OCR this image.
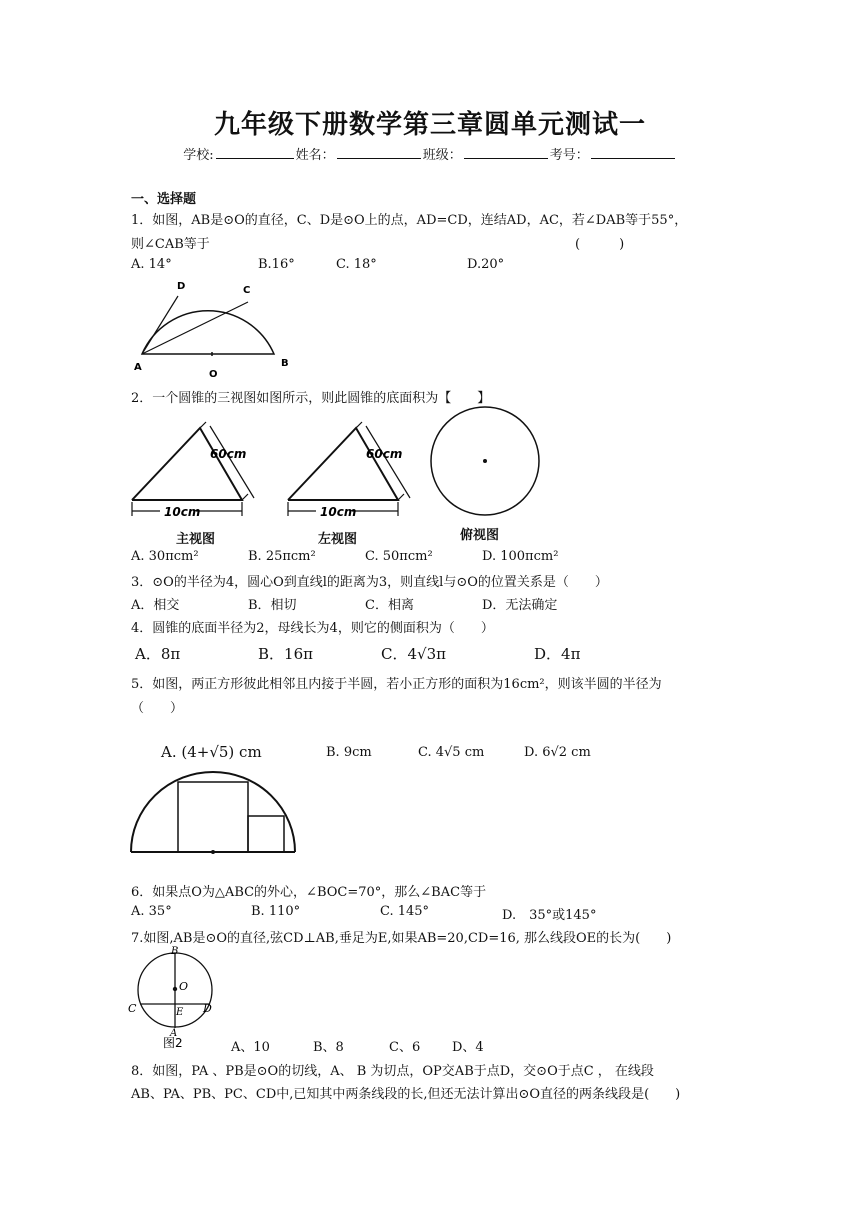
九年级下册数学第三章圆单元测试一
学校:	姓名：	班级：	考号：
一、选择题
1．如图，AB是⊙O的直径，C、D是⊙O上的点，AD=CD，连结AD，AC，若∠DAB等于55°，
则∠CAB等于	(　　　)
A. 14°	B.16°	C. 18°	D.20°
D	C
A
O
B
2．一个圆锥的三视图如图所示，则此圆锥的底面积为【　　】
60cm
10cm
主视图
60cm
10cm
左视图	俯视图
A. 30πcm²	B. 25πcm²	C. 50πcm²	D. 100πcm²
3．⊙O的半径为4，圆心O到直线l的距离为3，则直线l与⊙O的位置关系是（　　）
A．相交	B．相切	C．相离	D．无法确定
4．圆锥的底面半径为2，母线长为4，则它的侧面积为（　　）
A．8π	B．16π	C．4√3π	D．4π
5．如图，两正方形彼此相邻且内接于半圆，若小正方形的面积为16cm²，则该半圆的半径为
（　　）
A. (4+√5) cm	B. 9cm	C. 4√5 cm	D. 6√2 cm
6．如果点O为△ABC的外心，∠BOC=70°，那么∠BAC等于
A. 35°	B. 110°	C. 145°	D.　35°或145°
7.如图,AB是⊙O的直径,弦CD⊥AB,垂足为E,如果AB=20,CD=16, 那么线段OE的长为(　　)
B
O
C	E D
A
图2	A、10	B、8	C、6 D、4
8．如图，PA 、PB是⊙O的切线，A、 B 为切点，OP交AB于点D，交⊙O于点C ， 在线段
AB、PA、PB、PC、CD中,已知其中两条线段的长,但还无法计算出⊙O直径的两条线段是(　　)
